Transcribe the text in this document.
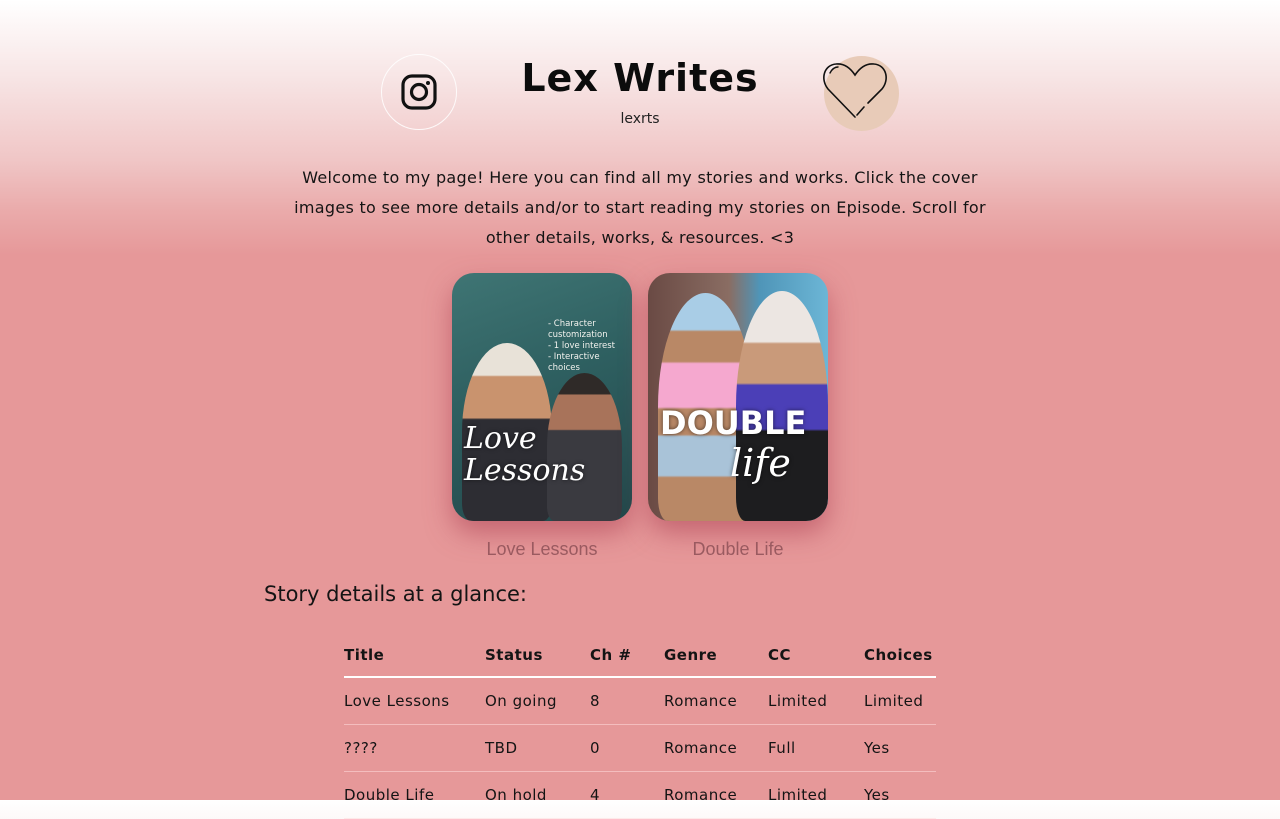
Lex Writes
lexrts
Welcome to my page! Here you can find all my stories and works. Click the cover images to see more details and/or to start reading my stories on Episode. Scroll for other details, works, & resources. <3
- Character
customization
- 1 love interest
- Interactive choices
Love Lessons
DOUBLE
life
Love Lessons	Double Life
Story details at a glance:
Title	Status	Ch #	Genre	CC	Choices
Love Lessons	On going	8	Romance	Limited	Limited
????	TBD	0	Romance	Full	Yes
Double Life	On hold	4	Romance	Limited	Yes
